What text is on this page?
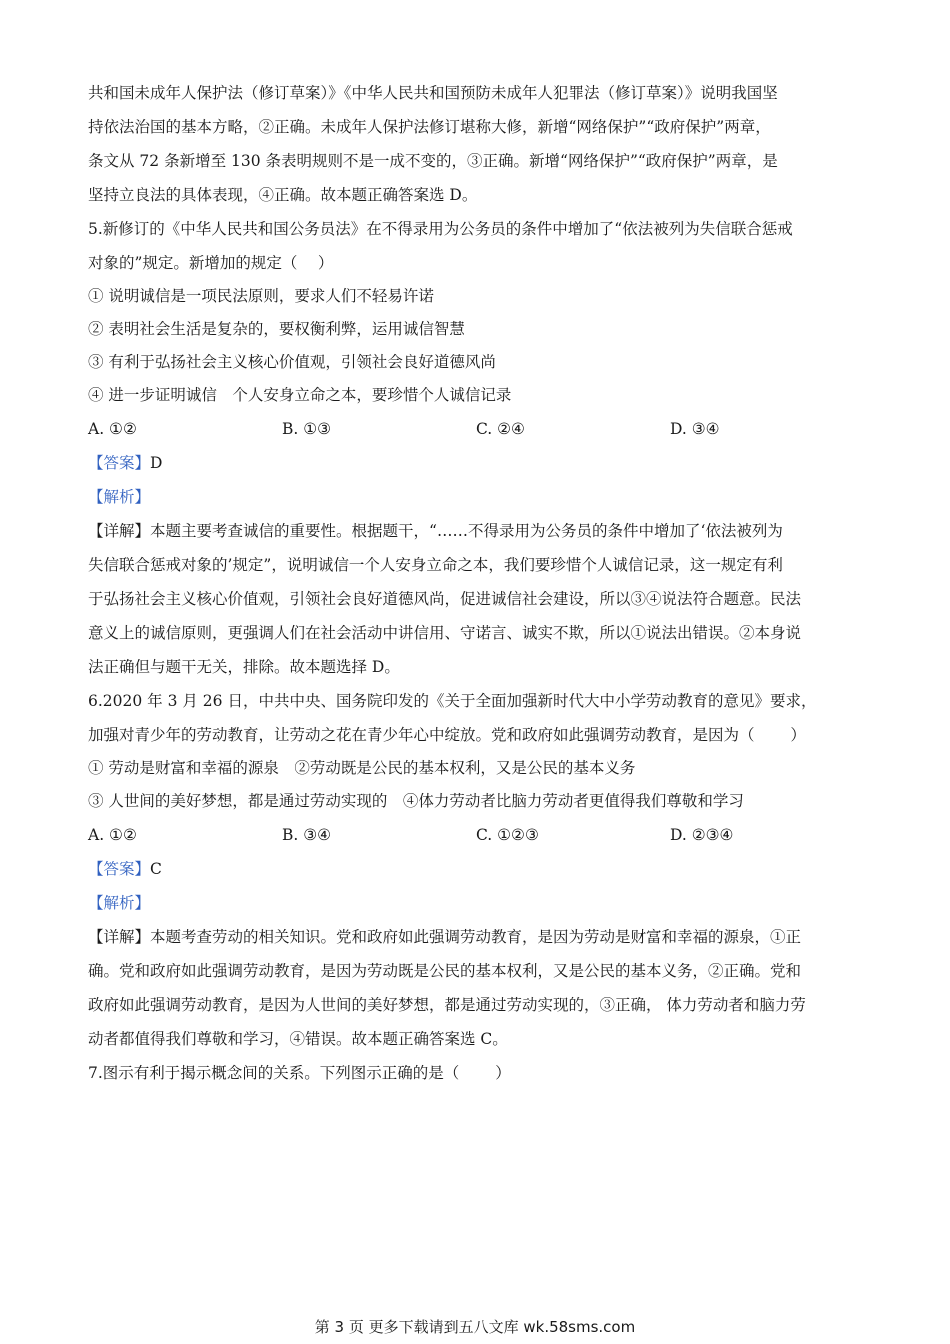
共和国未成年人保护法（修订草案）》《中华人民共和国预防未成年人犯罪法（修订草案）》说明我国坚
持依法治国的基本方略，②正确。未成年人保护法修订堪称大修，新增“网络保护”“政府保护”两章，
条文从 72 条新增至 130 条表明规则不是一成不变的，③正确。新增“网络保护”“政府保护”两章，是
坚持立良法的具体表现，④正确。故本题正确答案选 D。
5.新修订的《中华人民共和国公务员法》在不得录用为公务员的条件中增加了“依法被列为失信联合惩戒
对象的”规定。新增加的规定（　 ）
① 说明诚信是一项民法原则，要求人们不轻易许诺
② 表明社会生活是复杂的，要权衡利弊，运用诚信智慧
③ 有利于弘扬社会主义核心价值观，引领社会良好道德风尚
④ 进一步证明诚信　个人安身立命之本，要珍惜个人诚信记录
A. ①②	B. ①③	C. ②④	D. ③④
【答案】D
【解析】
【详解】本题主要考查诚信的重要性。根据题干，“……不得录用为公务员的条件中增加了‘依法被列为
失信联合惩戒对象的’规定”，说明诚信一个人安身立命之本，我们要珍惜个人诚信记录，这一规定有利
于弘扬社会主义核心价值观，引领社会良好道德风尚，促进诚信社会建设，所以③④说法符合题意。民法
意义上的诚信原则，更强调人们在社会活动中讲信用、守诺言、诚实不欺，所以①说法出错误。②本身说
法正确但与题干无关，排除。故本题选择 D。
6.2020 年 3 月 26 日，中共中央、国务院印发的《关于全面加强新时代大中小学劳动教育的意见》要求，
加强对青少年的劳动教育，让劳动之花在青少年心中绽放。党和政府如此强调劳动教育，是因为（　　 ）
① 劳动是财富和幸福的源泉　②劳动既是公民的基本权利，又是公民的基本义务
③ 人世间的美好梦想，都是通过劳动实现的　④体力劳动者比脑力劳动者更值得我们尊敬和学习
A. ①②	B. ③④	C. ①②③	D. ②③④
【答案】C
【解析】
【详解】本题考查劳动的相关知识。党和政府如此强调劳动教育，是因为劳动是财富和幸福的源泉，①正
确。党和政府如此强调劳动教育，是因为劳动既是公民的基本权利，又是公民的基本义务，②正确。党和
政府如此强调劳动教育，是因为人世间的美好梦想，都是通过劳动实现的，③正确， 体力劳动者和脑力劳
动者都值得我们尊敬和学习，④错误。故本题正确答案选 C。
7.图示有利于揭示概念间的关系。下列图示正确的是（　　 ）
第 3 页 更多下载请到五八文库 wk.58sms.com
